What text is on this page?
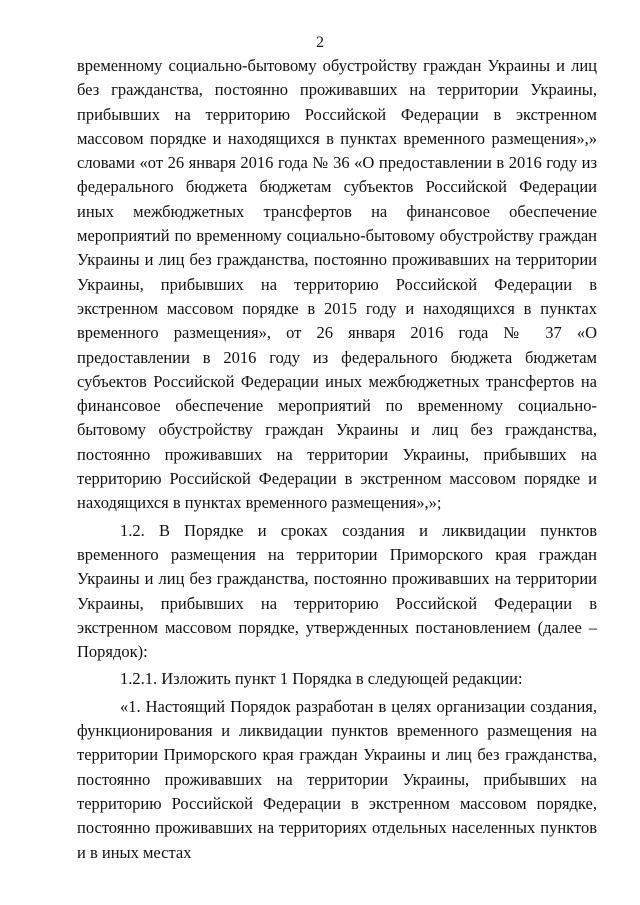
2

временному социально-бытовому обустройству граждан Украины и лиц без гражданства, постоянно проживавших на территории Украины, прибывших на территорию Российской Федерации в экстренном массовом порядке и находящихся в пунктах временного размещения»,» словами «от 26 января 2016 года № 36 «О предоставлении в 2016 году из федерального бюджета бюджетам субъектов Российской Федерации иных межбюджетных трансфертов на финансовое обеспечение мероприятий по временному социально-бытовому обустройству граждан Украины и лиц без гражданства, постоянно проживавших на территории Украины, прибывших на территорию Российской Федерации в экстренном массовом порядке в 2015 году и находящихся в пунктах временного размещения», от 26 января 2016 года № 37 «О предоставлении в 2016 году из федерального бюджета бюджетам субъектов Российской Федерации иных межбюджетных трансфертов на финансовое обеспечение мероприятий по временному социально-бытовому обустройству граждан Украины и лиц без гражданства, постоянно проживавших на территории Украины, прибывших на территорию Российской Федерации в экстренном массовом порядке и находящихся в пунктах временного размещения»,»;

1.2. В Порядке и сроках создания и ликвидации пунктов временного размещения на территории Приморского края граждан Украины и лиц без гражданства, постоянно проживавших на территории Украины, прибывших на территорию Российской Федерации в экстренном массовом порядке, утвержденных постановлением (далее – Порядок):

1.2.1. Изложить пункт 1 Порядка в следующей редакции:

«1. Настоящий Порядок разработан в целях организации создания, функционирования и ликвидации пунктов временного размещения на территории Приморского края граждан Украины и лиц без гражданства, постоянно проживавших на территории Украины, прибывших на территорию Российской Федерации в экстренном массовом порядке, постоянно проживавших на территориях отдельных населенных пунктов и в иных местах
